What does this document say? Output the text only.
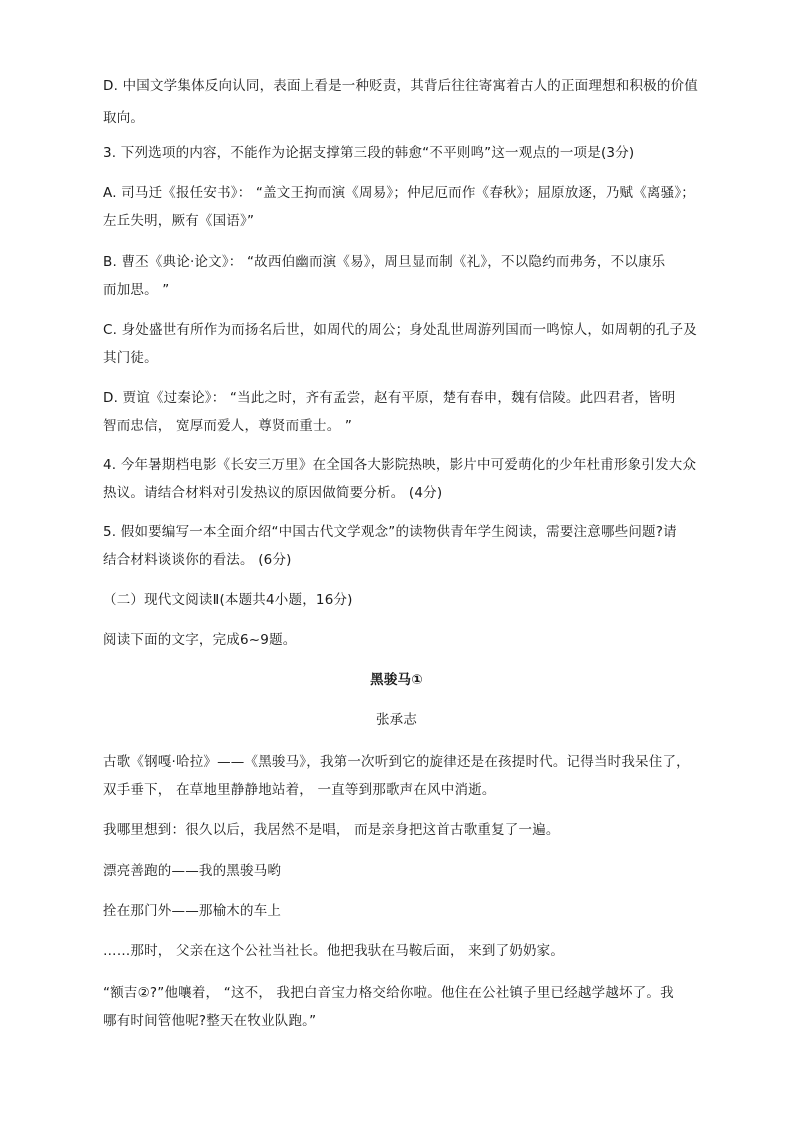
D. 中国文学集体反向认同，表面上看是一种贬责，其背后往往寄寓着古人的正面理想和积极的价值
取向。
3. 下列选项的内容，不能作为论据支撑第三段的韩愈“不平则鸣”这一观点的一项是(3分)
A. 司马迁《报任安书》： “盖文王拘而演《周易》；仲尼厄而作《春秋》；屈原放逐，乃赋《离骚》；
左丘失明，厥有《国语》”
B. 曹丕《典论·论文》： “故西伯幽而演《易》，周旦显而制《礼》，不以隐约而弗务，不以康乐
而加思。 ”
C. 身处盛世有所作为而扬名后世，如周代的周公；身处乱世周游列国而一鸣惊人，如周朝的孔子及
其门徒。
D. 贾谊《过秦论》： “当此之时，齐有孟尝，赵有平原，楚有春申，魏有信陵。此四君者，皆明
智而忠信， 宽厚而爱人，尊贤而重士。 ”
4. 今年暑期档电影《长安三万里》在全国各大影院热映，影片中可爱萌化的少年杜甫形象引发大众
热议。请结合材料对引发热议的原因做简要分析。 (4分)
5. 假如要编写一本全面介绍“中国古代文学观念”的读物供青年学生阅读，需要注意哪些问题?请
结合材料谈谈你的看法。 (6分)
（二）现代文阅读Ⅱ(本题共4小题，16分)
阅读下面的文字，完成6~9题。
黑骏马①
张承志
古歌《钢嘎·哈拉》——《黑骏马》，我第一次听到它的旋律还是在孩提时代。记得当时我呆住了，
双手垂下， 在草地里静静地站着， 一直等到那歌声在风中消逝。
我哪里想到：很久以后，我居然不是唱， 而是亲身把这首古歌重复了一遍。
漂亮善跑的——我的黑骏马哟
拴在那门外——那榆木的车上
……那时， 父亲在这个公社当社长。他把我驮在马鞍后面， 来到了奶奶家。
“额吉②?”他嚷着， “这不， 我把白音宝力格交给你啦。他住在公社镇子里已经越学越坏了。我
哪有时间管他呢?整天在牧业队跑。”
